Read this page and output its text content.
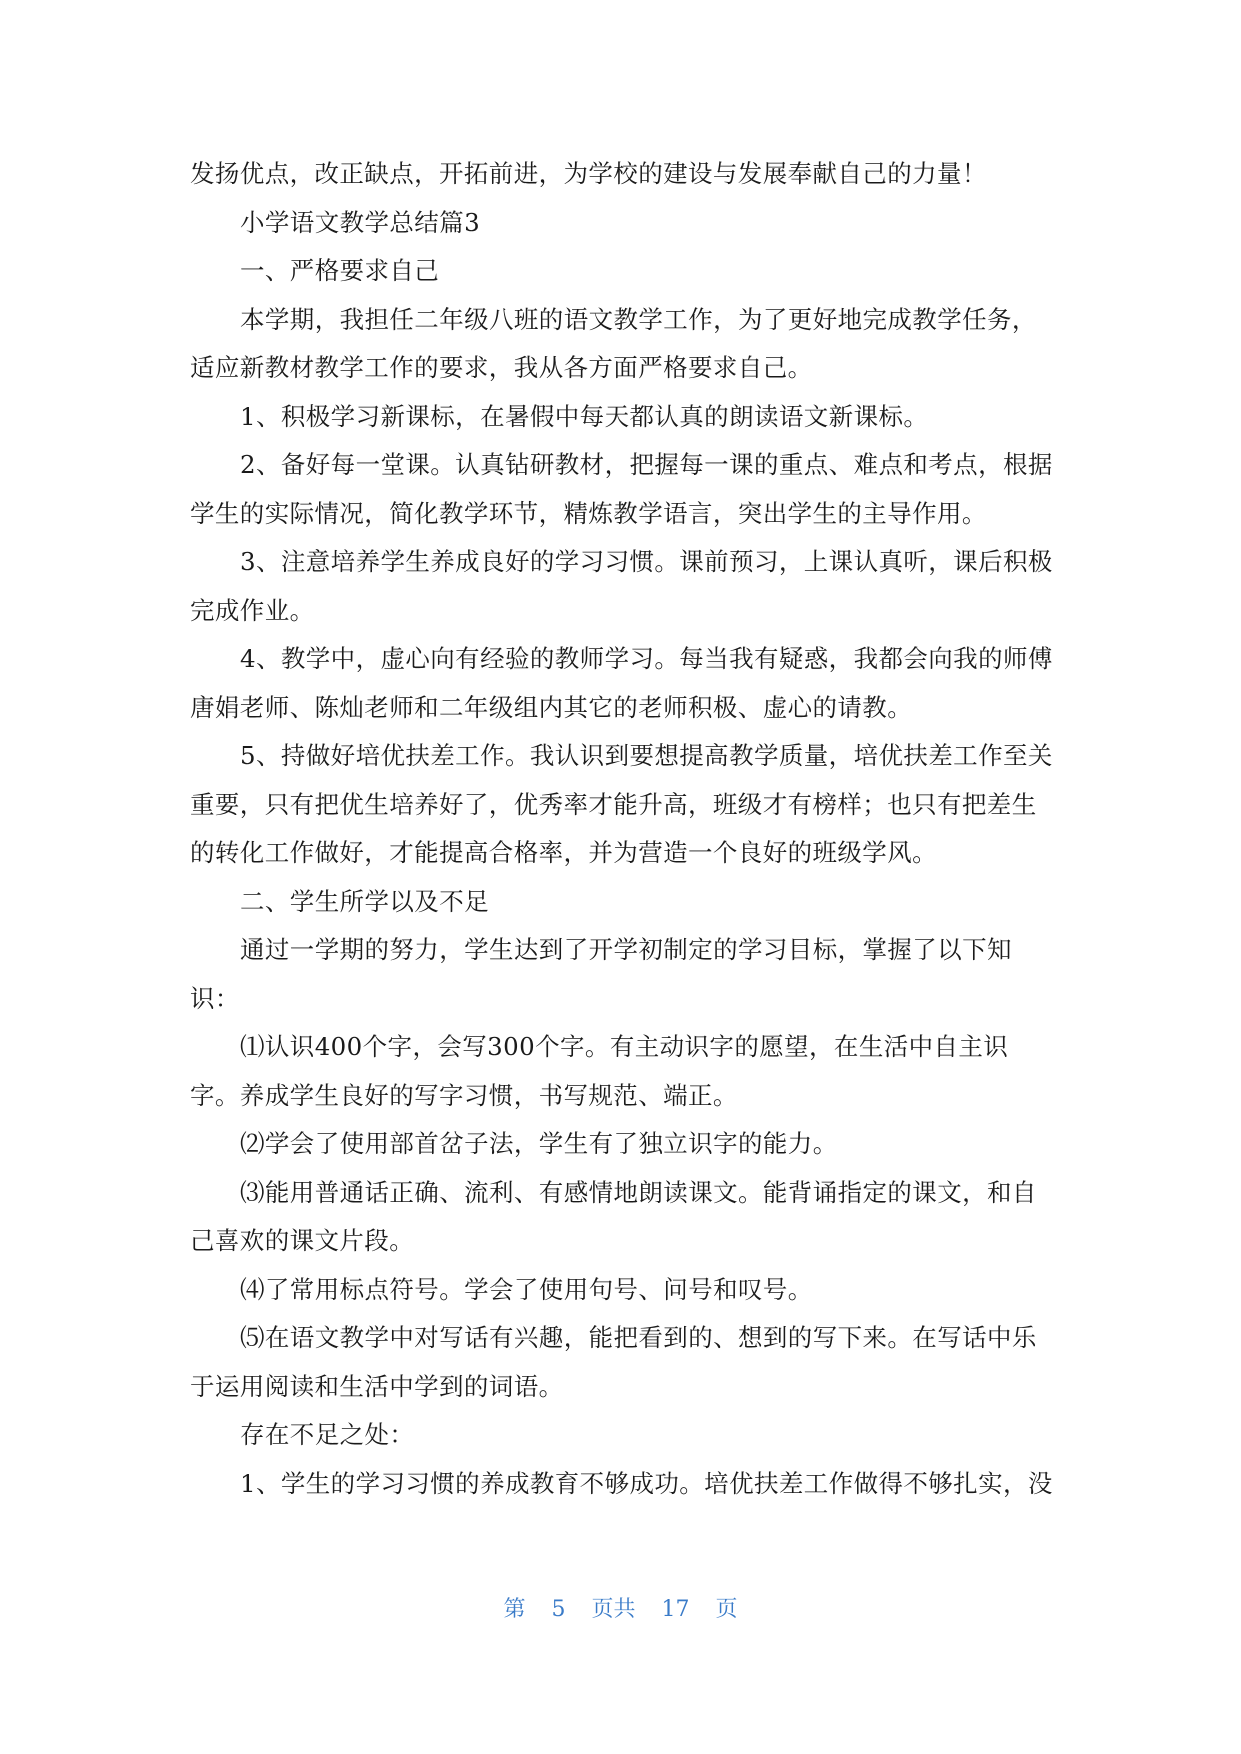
发扬优点，改正缺点，开拓前进，为学校的建设与发展奉献自己的力量！

小学语文教学总结篇3

一、严格要求自己

本学期，我担任二年级八班的语文教学工作，为了更好地完成教学任务，适应新教材教学工作的要求，我从各方面严格要求自己。

1、积极学习新课标，在暑假中每天都认真的朗读语文新课标。

2、备好每一堂课。认真钻研教材，把握每一课的重点、难点和考点，根据学生的实际情况，简化教学环节，精炼教学语言，突出学生的主导作用。

3、注意培养学生养成良好的学习习惯。课前预习，上课认真听，课后积极完成作业。

4、教学中，虚心向有经验的教师学习。每当我有疑惑，我都会向我的师傅唐娟老师、陈灿老师和二年级组内其它的老师积极、虚心的请教。

5、持做好培优扶差工作。我认识到要想提高教学质量，培优扶差工作至关重要，只有把优生培养好了，优秀率才能升高，班级才有榜样；也只有把差生的转化工作做好，才能提高合格率，并为营造一个良好的班级学风。

二、学生所学以及不足

通过一学期的努力，学生达到了开学初制定的学习目标，掌握了以下知识：

⑴认识400个字，会写300个字。有主动识字的愿望，在生活中自主识字。养成学生良好的写字习惯，书写规范、端正。

⑵学会了使用部首岔子法，学生有了独立识字的能力。

⑶能用普通话正确、流利、有感情地朗读课文。能背诵指定的课文，和自己喜欢的课文片段。

⑷了常用标点符号。学会了使用句号、问号和叹号。

⑸在语文教学中对写话有兴趣，能把看到的、想到的写下来。在写话中乐于运用阅读和生活中学到的词语。

存在不足之处：

1、学生的学习习惯的养成教育不够成功。培优扶差工作做得不够扎实，没

第 5 页共 17 页
